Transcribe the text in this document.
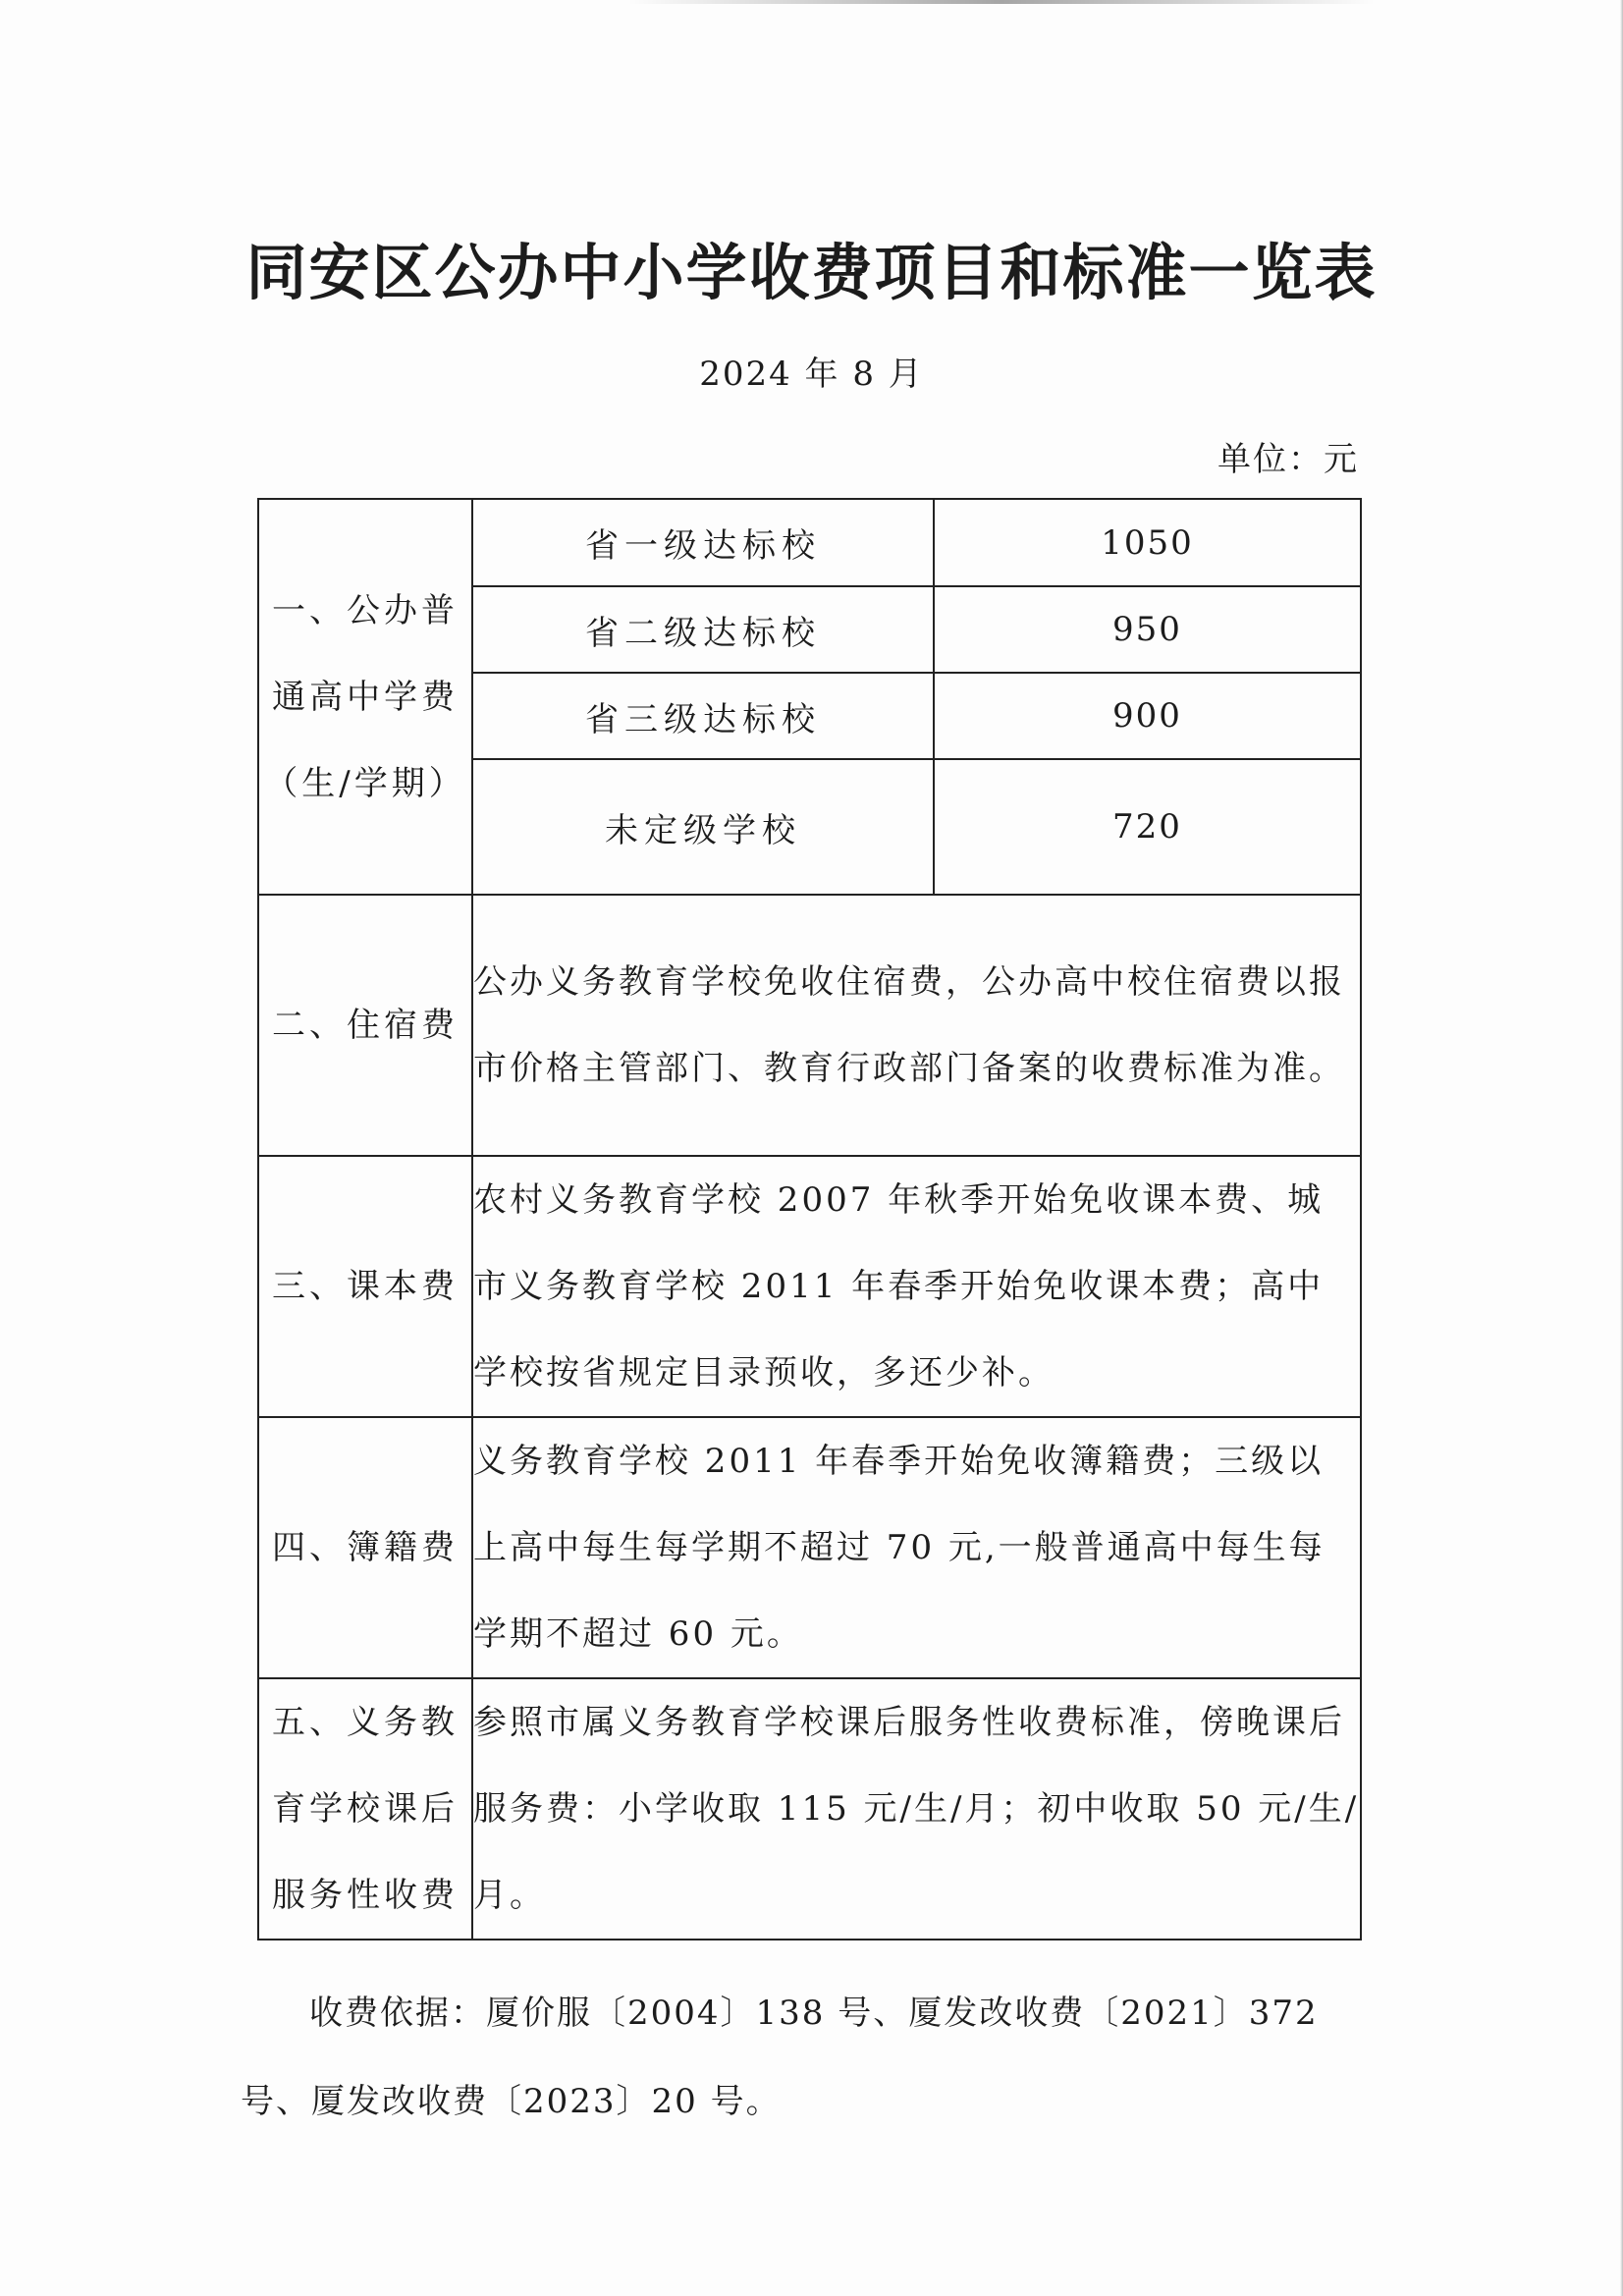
同安区公办中小学收费项目和标准一览表
2024 年 8 月
单位：元
一、公办普通高中学费（生/学期）	省一级达标校	1050
	省二级达标校	950
	省三级达标校	900
	未定级学校	720
二、住宿费	公办义务教育学校免收住宿费，公办高中校住宿费以报市价格主管部门、教育行政部门备案的收费标准为准。	
三、课本费	农村义务教育学校 2007 年秋季开始免收课本费、城市义务教育学校 2011 年春季开始免收课本费；高中学校按省规定目录预收，多还少补。	
四、簿籍费	义务教育学校 2011 年春季开始免收簿籍费；三级以上高中每生每学期不超过 70 元,一般普通高中每生每学期不超过 60 元。	
五、义务教育学校课后服务性收费	参照市属义务教育学校课后服务性收费标准，傍晚课后服务费：小学收取 115 元/生/月；初中收取 50 元/生/月。	
收费依据：厦价服〔2004〕138 号、厦发改收费〔2021〕372 号、厦发改收费〔2023〕20 号。
